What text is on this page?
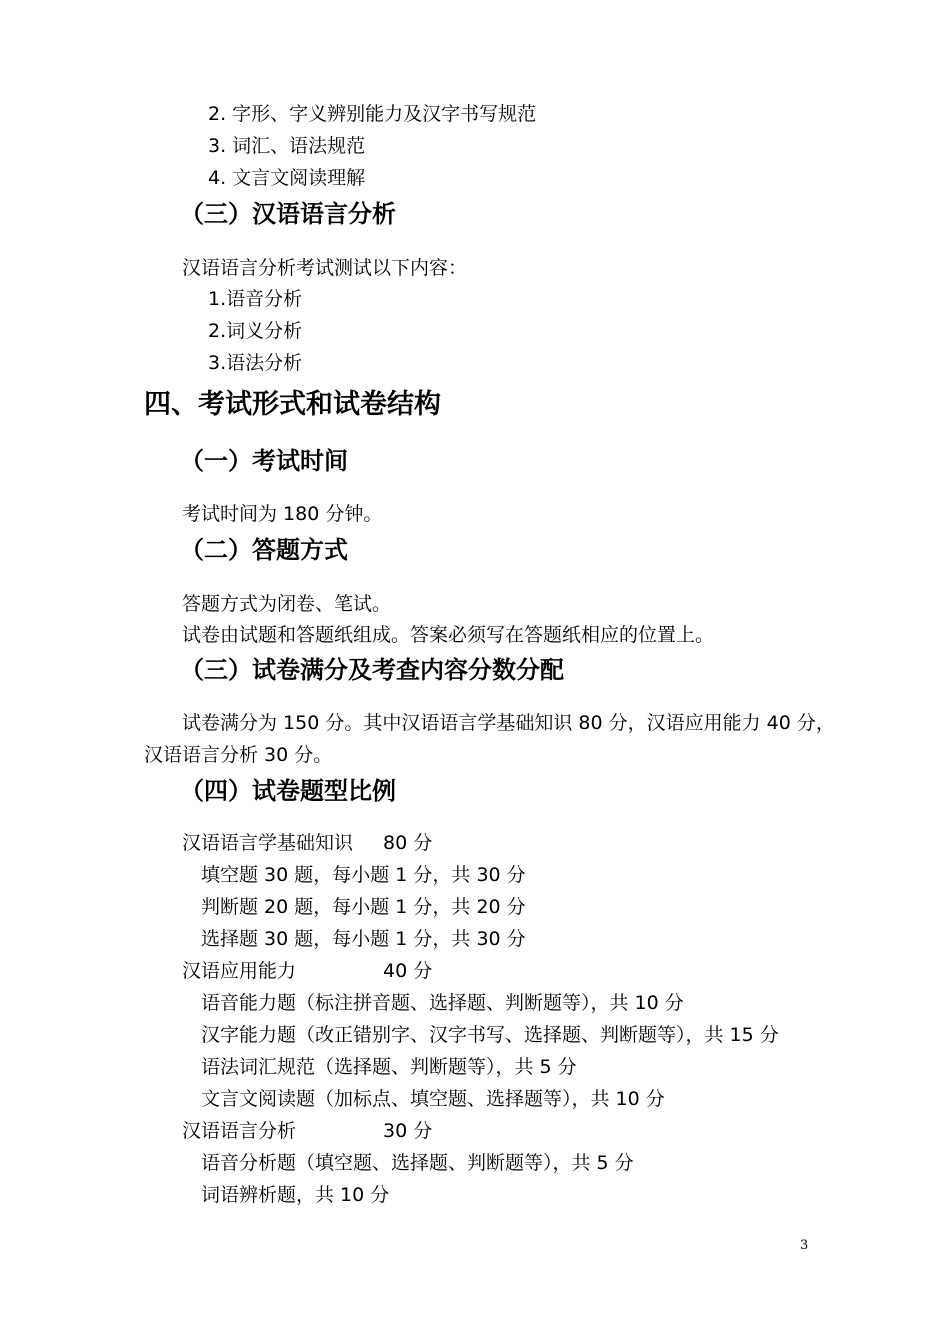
2. 字形、字义辨别能力及汉字书写规范
3. 词汇、语法规范
4. 文言文阅读理解
（三）汉语语言分析
汉语语言分析考试测试以下内容：
1.语音分析
2.词义分析
3.语法分析
四、考试形式和试卷结构
（一）考试时间
考试时间为 180 分钟。
（二）答题方式
答题方式为闭卷、笔试。
试卷由试题和答题纸组成。答案必须写在答题纸相应的位置上。
（三）试卷满分及考查内容分数分配
试卷满分为 150 分。其中汉语语言学基础知识 80 分，汉语应用能力 40 分，
汉语语言分析 30 分。
（四）试卷题型比例
汉语语言学基础知识 80 分
填空题 30 题，每小题 1 分，共 30 分
判断题 20 题，每小题 1 分，共 20 分
选择题 30 题，每小题 1 分，共 30 分
汉语应用能力	40 分
语音能力题（标注拼音题、选择题、判断题等），共 10 分
汉字能力题（改正错别字、汉字书写、选择题、判断题等），共 15 分
语法词汇规范（选择题、判断题等），共 5 分
文言文阅读题（加标点、填空题、选择题等），共 10 分
汉语语言分析	30 分
语音分析题（填空题、选择题、判断题等），共 5 分
词语辨析题，共 10 分
3
